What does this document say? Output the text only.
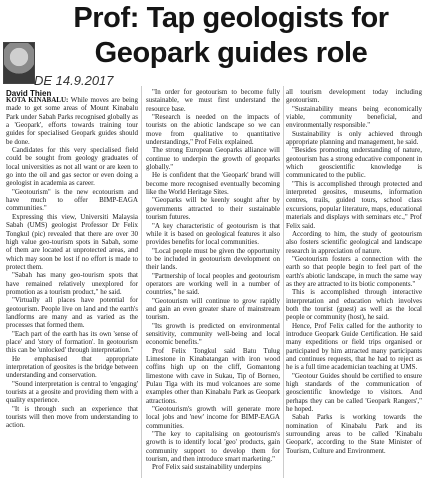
Prof: Tap geologists for Geopark guides role
DE 14.9.2017
David Thien

KOTA KINABALU: While moves are being made to get some areas of Mount Kinabalu Park under Sabah Parks recognised globally as a 'Geopark', efforts towards training tour guides for specialised Geopark guides should be done.

Candidates for this very specialised field could be sought from geology graduates of local universities as not all want or are keen to go into the oil and gas sector or even doing a geologist in academia as career.

"Geotourism" is the new ecotourism and have much to offer BIMP-EAGA communities."

Expressing this view, Universiti Malaysia Sabah (UMS) geologist Professor Dr Felix Tongkul (pic) revealed that there are over 30 high value geo-tourism spots in Sabah, some of them are located at unprotected areas, and which may soon be lost if no effort is made to protect them.

"Sabah has many geo-tourism spots that have remained relatively unexplored for promotion as a tourism product," he said.

"Virtually all places have potential for geotourism. People live on land and the earth's landforms are many and as varied as the processes that formed them.

"Each part of the earth has its own 'sense of place' and 'story of formation'. In geotourism this can be 'unlocked' through interpretation."

He emphasised that appropriate interpretation of geosites is the bridge between understanding and conservation.

"Sound interpretation is central to 'engaging' tourists at a geosite and providing them with a quality experience.

"It is through such an experience that tourists will then move from understanding to action.

"In order for geotourism to become fully sustainable, we must first understand the resource base.

"Research is needed on the impacts of tourists on the abiotic landscape so we can move from qualitative to quantitative understandings," Prof Felix explained.

The strong European Geoparks alliance will continue to underpin the growth of geoparks globally."

He is confident that the 'Geopark' brand will become more recognised eventually becoming like the World Heritage Sites.

"Geoparks will be keenly sought after by governments attracted to their sustainable tourism futures.

"A key characteristic of geotourism is that while it is based on geological features it also provides benefits for local communities.

"Local people must be given the opportunity to be included in geotourism development on their lands.

"Partnership of local peoples and geotourism operators are working well in a number of countries," he said.

"Geotourism will continue to grow rapidly and gain an even greater share of mainstream tourism.

"Its growth is predicted on environmental sensitivity, community well-being and local economic benefits."

Prof Felix Tongkul said Batu Tulug Limestone in Kinabatangan with iron wood coffins high up on the cliff, Gomantong limestone with cave in Sukau, Tip of Borneo, Pulau Tiga with its mud volcanoes are some examples other than Kinabalu Park as Geopark attractions.

"Geotourism's growth will generate more local jobs and 'new' income for BIMP-EAGA communities.

"The key to capitalising on geotourism's growth is to identify local 'geo' products, gain community support to develop them for tourism, and then introduce smart marketing."

Prof Felix said sustainability underpins

all tourism development today including geotourism.

"Sustainability means being economically viable, community beneficial, and environmentally responsible."

Sustainability is only achieved through appropriate planning and management, he said.

"Besides promoting understanding of nature, geotourism has a strong educative component in which geoscientific knowledge is communicated to the public.

"This is accomplished through protected and interpreted geosites, museums, information centres, trails, guided tours, school class excursions, popular literature, maps, educational materials and displays with seminars etc.," Prof Felix said.

According to him, the study of geotourism also fosters scientific geological and landscape research in appreciation of nature.

"Geotourism fosters a connection with the earth so that people begin to feel part of the earth's abiotic landscape, in much the same way as they are attracted to its biotic components."

This is accomplished through interactive interpretation and education which involves both the tourist (guest) as well as the local people or community (host), he said.

Hence, Prof Felix called for the authority to introduce Geopark Guide Certification. He said many expeditions or field trips organised or participated by him attracted many participants and continues requests, that he had to reject as he is a full time academician teaching at UMS.

"Geotour Guides should be certified to ensure high standards of the communication of geoscientific knowledge to visitors. And perhaps they can be called 'Geopark Rangers'," he hoped.

Sabah Parks is working towards the nomination of Kinabalu Park and its surrounding areas to be called 'Kinabalu Geopark', according to the State Minister of Tourism, Culture and Environment.
